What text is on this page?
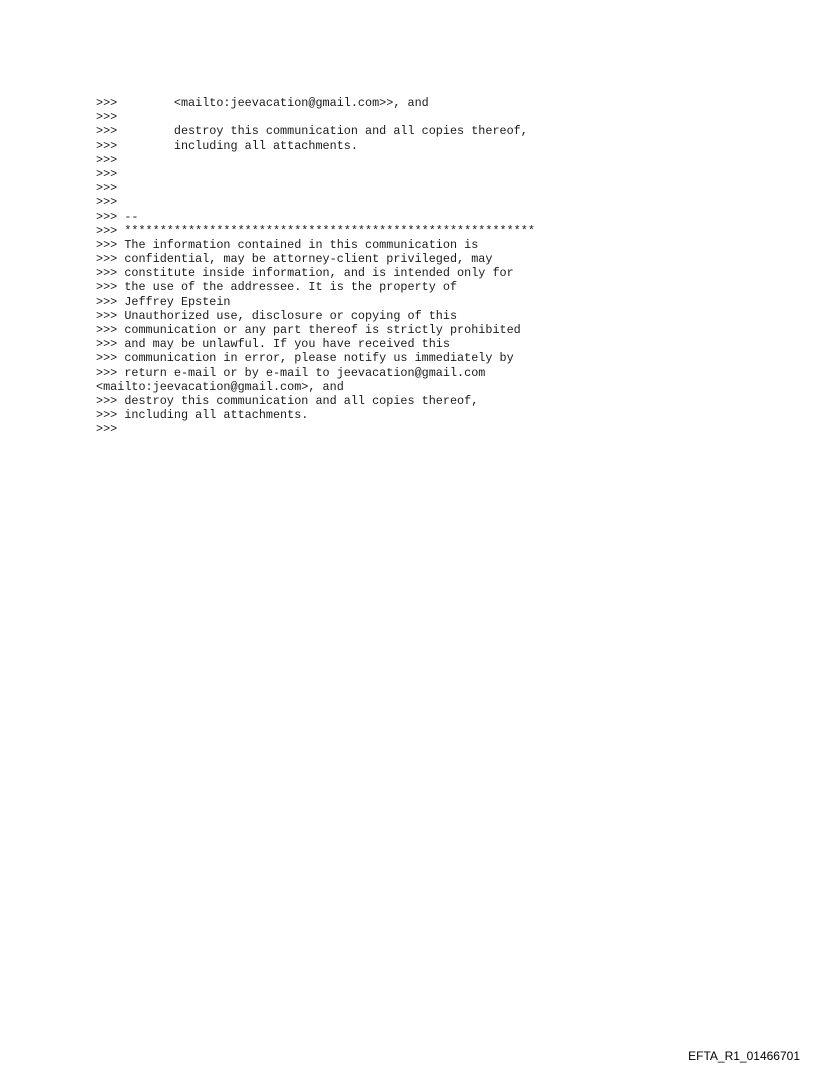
>>>        <mailto:jeevacation@gmail.com>>, and
>>>
>>>        destroy this communication and all copies thereof,
>>>        including all attachments.
>>>
>>>
>>>
>>>
>>> --
>>> **********************************************************
>>> The information contained in this communication is
>>> confidential, may be attorney-client privileged, may
>>> constitute inside information, and is intended only for
>>> the use of the addressee. It is the property of
>>> Jeffrey Epstein
>>> Unauthorized use, disclosure or copying of this
>>> communication or any part thereof is strictly prohibited
>>> and may be unlawful. If you have received this
>>> communication in error, please notify us immediately by
>>> return e-mail or by e-mail to jeevacation@gmail.com
<mailto:jeevacation@gmail.com>, and
>>> destroy this communication and all copies thereof,
>>> including all attachments.
>>>
EFTA_R1_01466701
